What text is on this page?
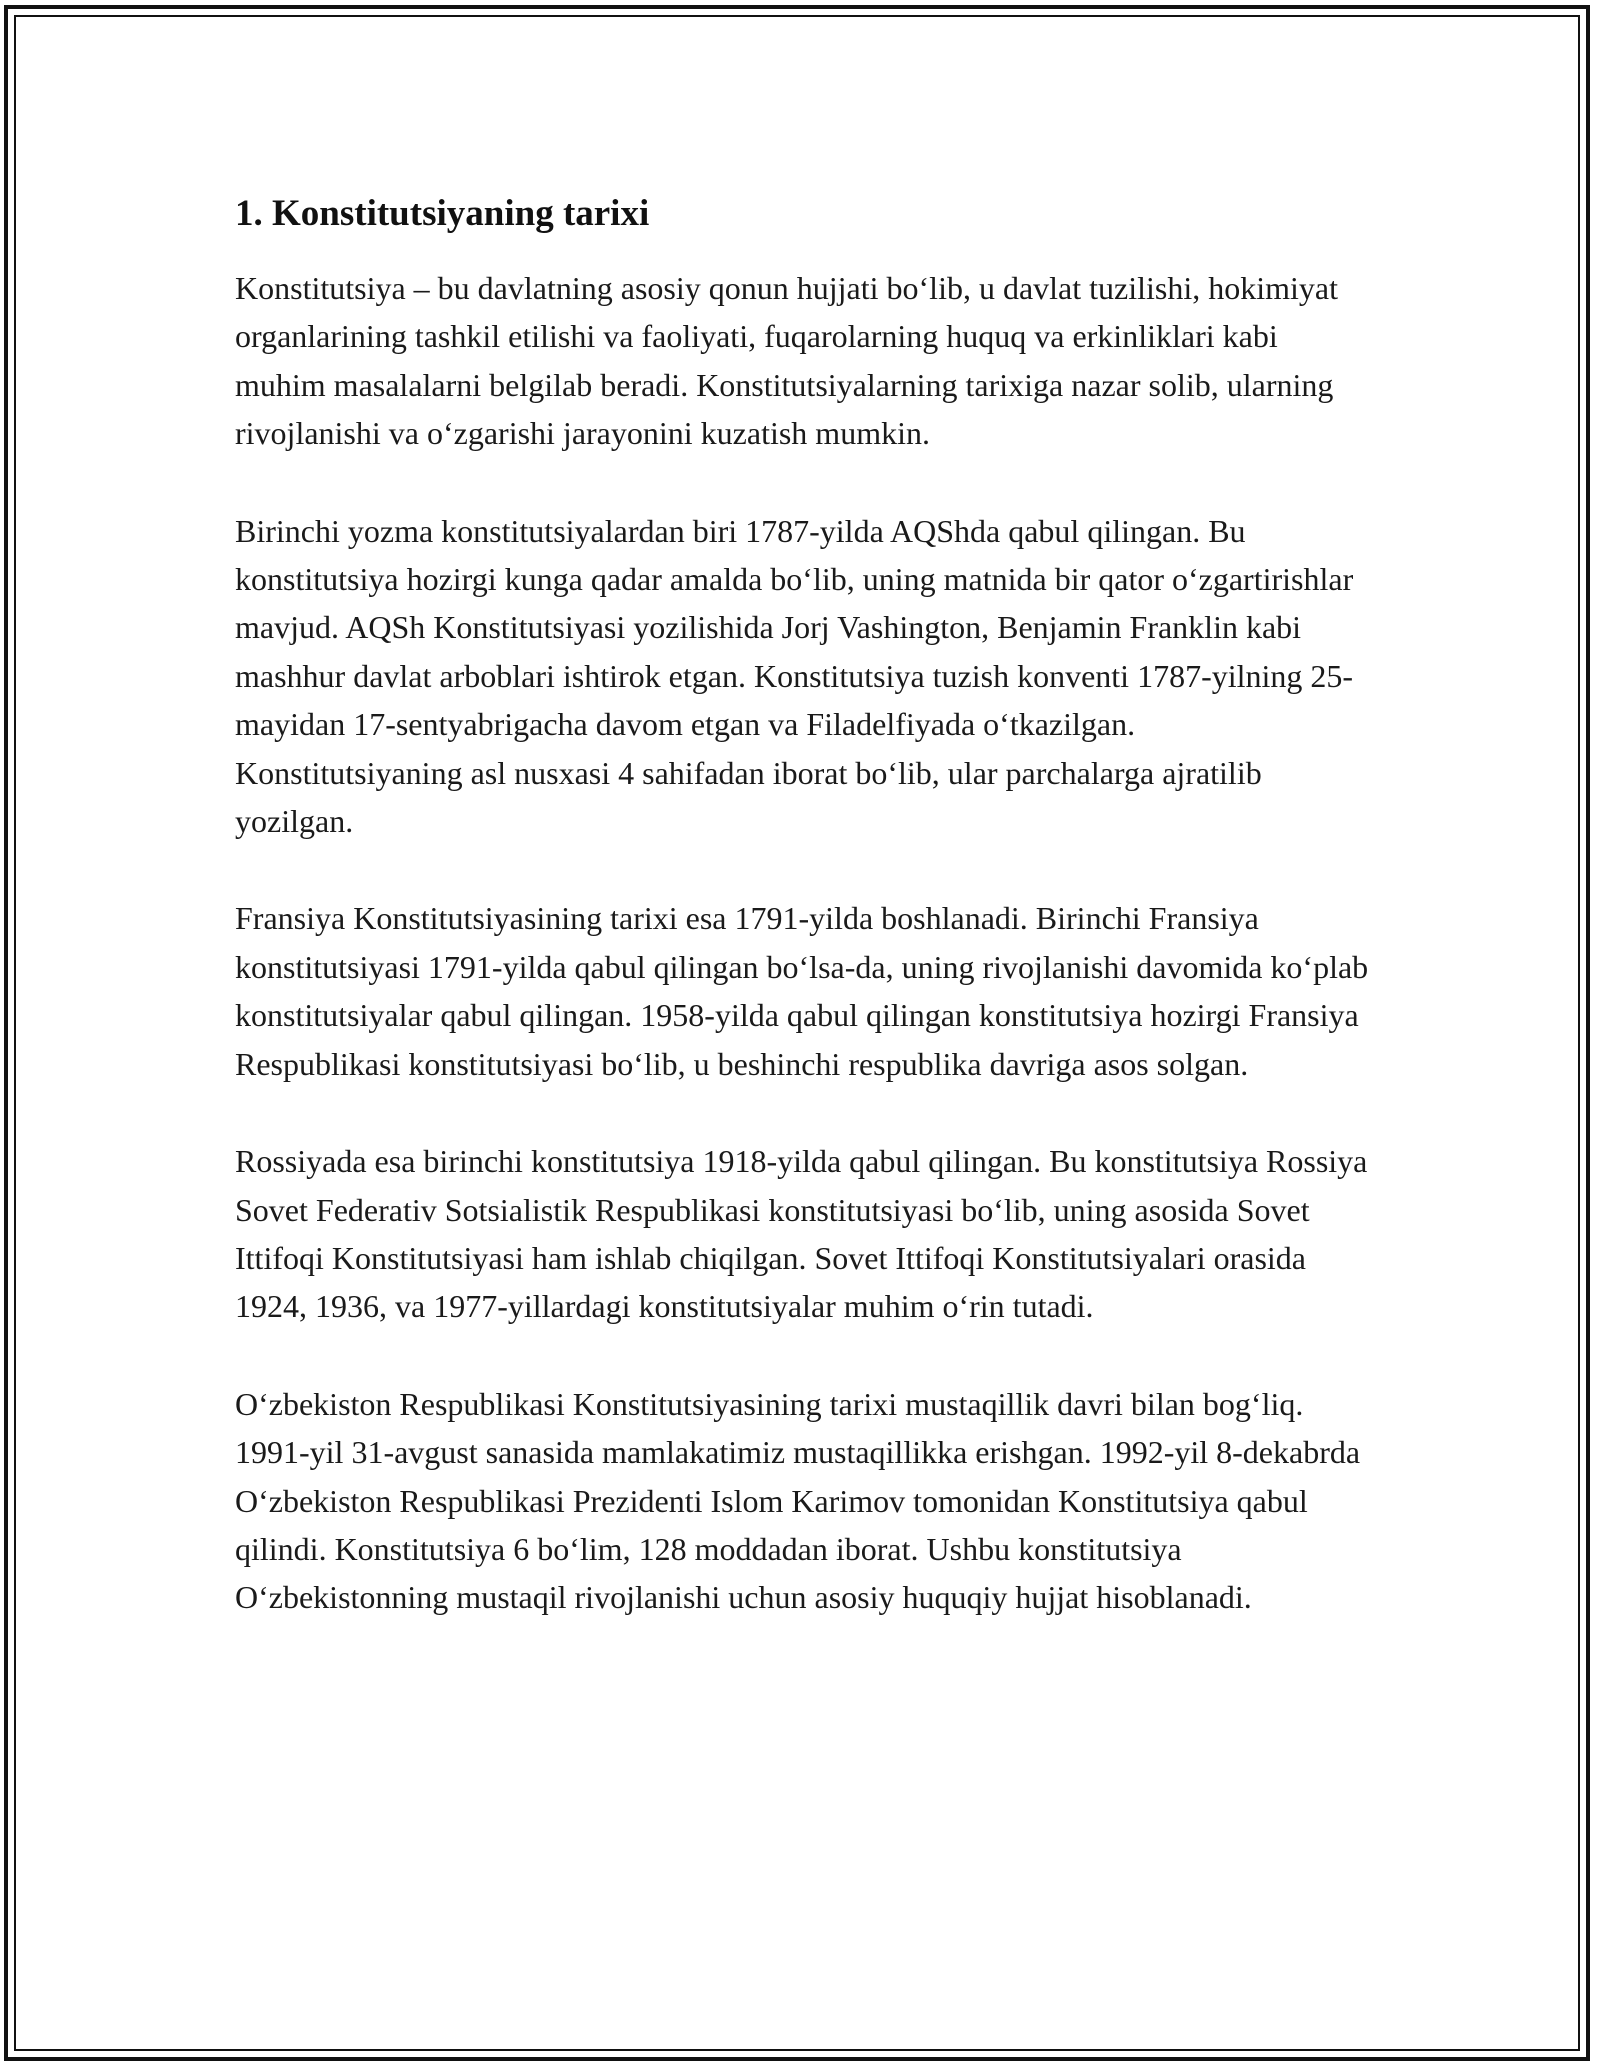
1. Konstitutsiyaning tarixi

Konstitutsiya – bu davlatning asosiy qonun hujjati bo‘lib, u davlat tuzilishi, hokimiyat organlarining tashkil etilishi va faoliyati, fuqarolarning huquq va erkinliklari kabi muhim masalalarni belgilab beradi. Konstitutsiyalarning tarixiga nazar solib, ularning rivojlanishi va o‘zgarishi jarayonini kuzatish mumkin.

Birinchi yozma konstitutsiyalardan biri 1787-yilda AQShda qabul qilingan. Bu konstitutsiya hozirgi kunga qadar amalda bo‘lib, uning matnida bir qator o‘zgartirishlar mavjud. AQSh Konstitutsiyasi yozilishida Jorj Vashington, Benjamin Franklin kabi mashhur davlat arboblari ishtirok etgan. Konstitutsiya tuzish konventi 1787-yilning 25-mayidan 17-sentyabrigacha davom etgan va Filadelfiyada o‘tkazilgan. Konstitutsiyaning asl nusxasi 4 sahifadan iborat bo‘lib, ular parchalarga ajratilib yozilgan.

Fransiya Konstitutsiyasining tarixi esa 1791-yilda boshlanadi. Birinchi Fransiya konstitutsiyasi 1791-yilda qabul qilingan bo‘lsa-da, uning rivojlanishi davomida ko‘plab konstitutsiyalar qabul qilingan. 1958-yilda qabul qilingan konstitutsiya hozirgi Fransiya Respublikasi konstitutsiyasi bo‘lib, u beshinchi respublika davriga asos solgan.

Rossiyada esa birinchi konstitutsiya 1918-yilda qabul qilingan. Bu konstitutsiya Rossiya Sovet Federativ Sotsialistik Respublikasi konstitutsiyasi bo‘lib, uning asosida Sovet Ittifoqi Konstitutsiyasi ham ishlab chiqilgan. Sovet Ittifoqi Konstitutsiyalari orasida 1924, 1936, va 1977-yillardagi konstitutsiyalar muhim o‘rin tutadi.

O‘zbekiston Respublikasi Konstitutsiyasining tarixi mustaqillik davri bilan bog‘liq. 1991-yil 31-avgust sanasida mamlakatimiz mustaqillikka erishgan. 1992-yil 8-dekabrda O‘zbekiston Respublikasi Prezidenti Islom Karimov tomonidan Konstitutsiya qabul qilindi. Konstitutsiya 6 bo‘lim, 128 moddadan iborat. Ushbu konstitutsiya O‘zbekistonning mustaqil rivojlanishi uchun asosiy huquqiy hujjat hisoblanadi.
